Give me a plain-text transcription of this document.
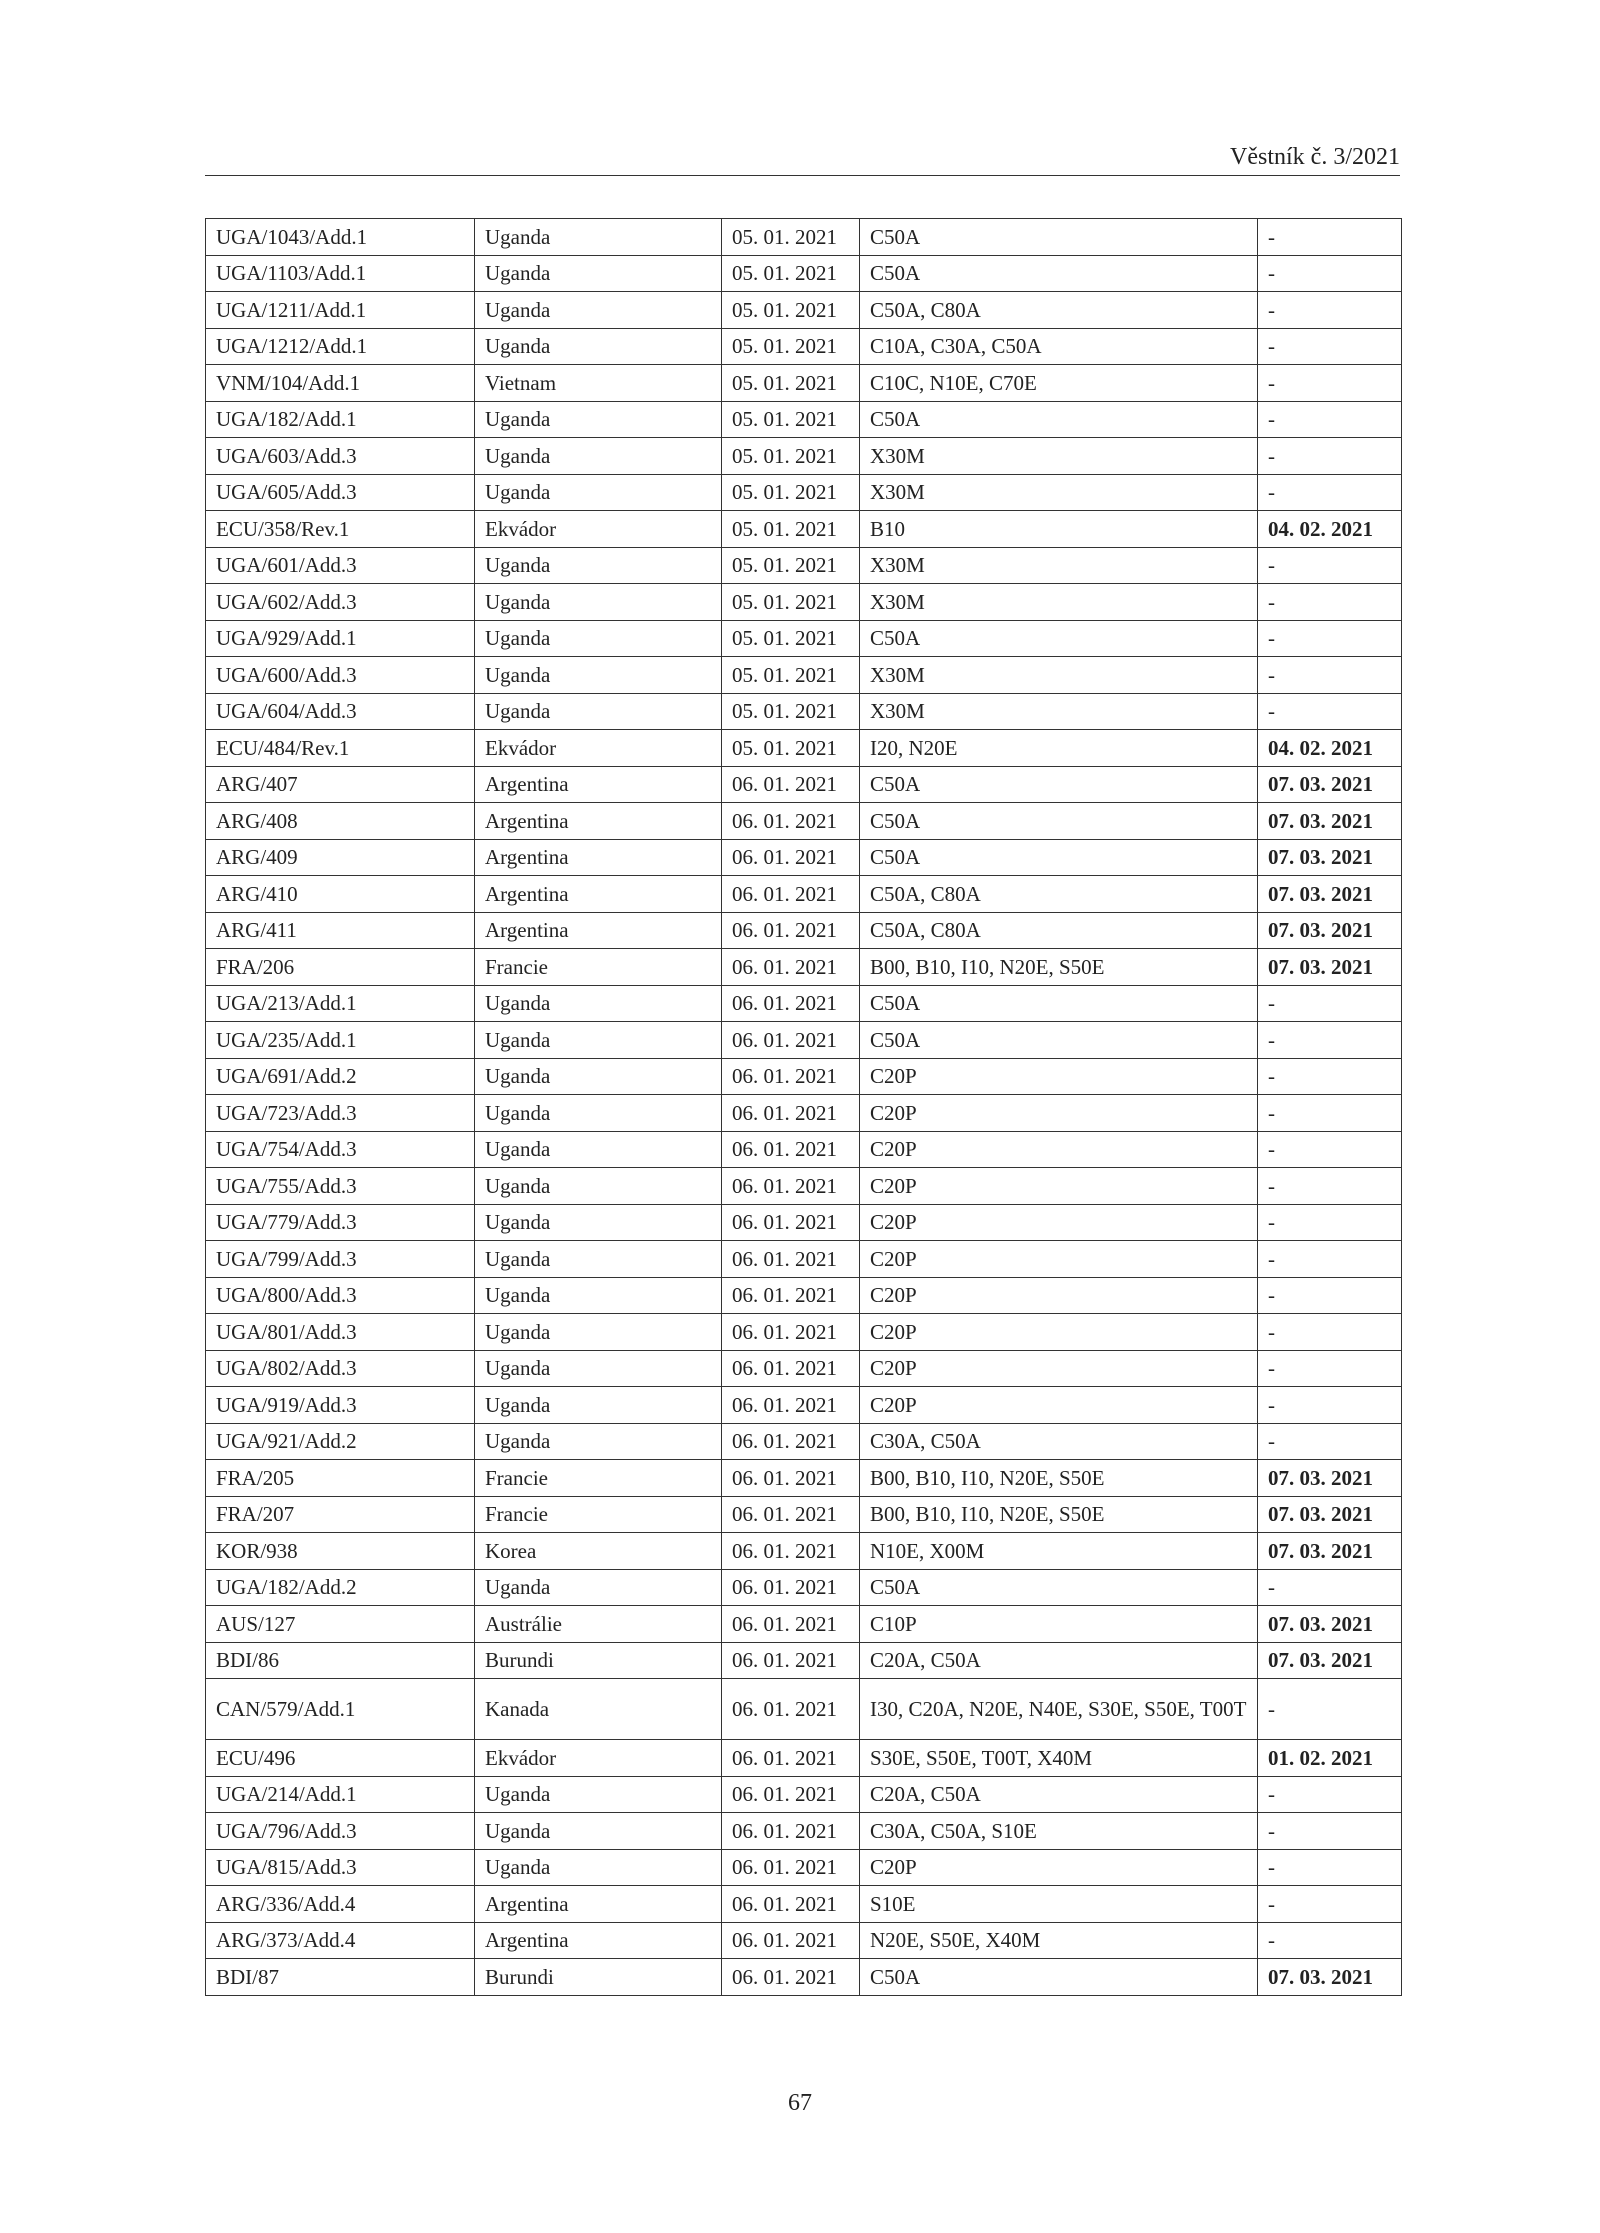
Věstník č. 3/2021
UGA/1043/Add.1	Uganda	05. 01. 2021	C50A	-
UGA/1103/Add.1	Uganda	05. 01. 2021	C50A	-
UGA/1211/Add.1	Uganda	05. 01. 2021	C50A, C80A	-
UGA/1212/Add.1	Uganda	05. 01. 2021	C10A, C30A, C50A	-
VNM/104/Add.1	Vietnam	05. 01. 2021	C10C, N10E, C70E	-
UGA/182/Add.1	Uganda	05. 01. 2021	C50A	-
UGA/603/Add.3	Uganda	05. 01. 2021	X30M	-
UGA/605/Add.3	Uganda	05. 01. 2021	X30M	-
ECU/358/Rev.1	Ekvádor	05. 01. 2021	B10	04. 02. 2021
UGA/601/Add.3	Uganda	05. 01. 2021	X30M	-
UGA/602/Add.3	Uganda	05. 01. 2021	X30M	-
UGA/929/Add.1	Uganda	05. 01. 2021	C50A	-
UGA/600/Add.3	Uganda	05. 01. 2021	X30M	-
UGA/604/Add.3	Uganda	05. 01. 2021	X30M	-
ECU/484/Rev.1	Ekvádor	05. 01. 2021	I20, N20E	04. 02. 2021
ARG/407	Argentina	06. 01. 2021	C50A	07. 03. 2021
ARG/408	Argentina	06. 01. 2021	C50A	07. 03. 2021
ARG/409	Argentina	06. 01. 2021	C50A	07. 03. 2021
ARG/410	Argentina	06. 01. 2021	C50A, C80A	07. 03. 2021
ARG/411	Argentina	06. 01. 2021	C50A, C80A	07. 03. 2021
FRA/206	Francie	06. 01. 2021	B00, B10, I10, N20E, S50E	07. 03. 2021
UGA/213/Add.1	Uganda	06. 01. 2021	C50A	-
UGA/235/Add.1	Uganda	06. 01. 2021	C50A	-
UGA/691/Add.2	Uganda	06. 01. 2021	C20P	-
UGA/723/Add.3	Uganda	06. 01. 2021	C20P	-
UGA/754/Add.3	Uganda	06. 01. 2021	C20P	-
UGA/755/Add.3	Uganda	06. 01. 2021	C20P	-
UGA/779/Add.3	Uganda	06. 01. 2021	C20P	-
UGA/799/Add.3	Uganda	06. 01. 2021	C20P	-
UGA/800/Add.3	Uganda	06. 01. 2021	C20P	-
UGA/801/Add.3	Uganda	06. 01. 2021	C20P	-
UGA/802/Add.3	Uganda	06. 01. 2021	C20P	-
UGA/919/Add.3	Uganda	06. 01. 2021	C20P	-
UGA/921/Add.2	Uganda	06. 01. 2021	C30A, C50A	-
FRA/205	Francie	06. 01. 2021	B00, B10, I10, N20E, S50E	07. 03. 2021
FRA/207	Francie	06. 01. 2021	B00, B10, I10, N20E, S50E	07. 03. 2021
KOR/938	Korea	06. 01. 2021	N10E, X00M	07. 03. 2021
UGA/182/Add.2	Uganda	06. 01. 2021	C50A	-
AUS/127	Austrálie	06. 01. 2021	C10P	07. 03. 2021
BDI/86	Burundi	06. 01. 2021	C20A, C50A	07. 03. 2021
CAN/579/Add.1	Kanada	06. 01. 2021	I30, C20A, N20E, N40E, S30E, S50E, T00T	-
ECU/496	Ekvádor	06. 01. 2021	S30E, S50E, T00T, X40M	01. 02. 2021
UGA/214/Add.1	Uganda	06. 01. 2021	C20A, C50A	-
UGA/796/Add.3	Uganda	06. 01. 2021	C30A, C50A, S10E	-
UGA/815/Add.3	Uganda	06. 01. 2021	C20P	-
ARG/336/Add.4	Argentina	06. 01. 2021	S10E	-
ARG/373/Add.4	Argentina	06. 01. 2021	N20E, S50E, X40M	-
BDI/87	Burundi	06. 01. 2021	C50A	07. 03. 2021
67
